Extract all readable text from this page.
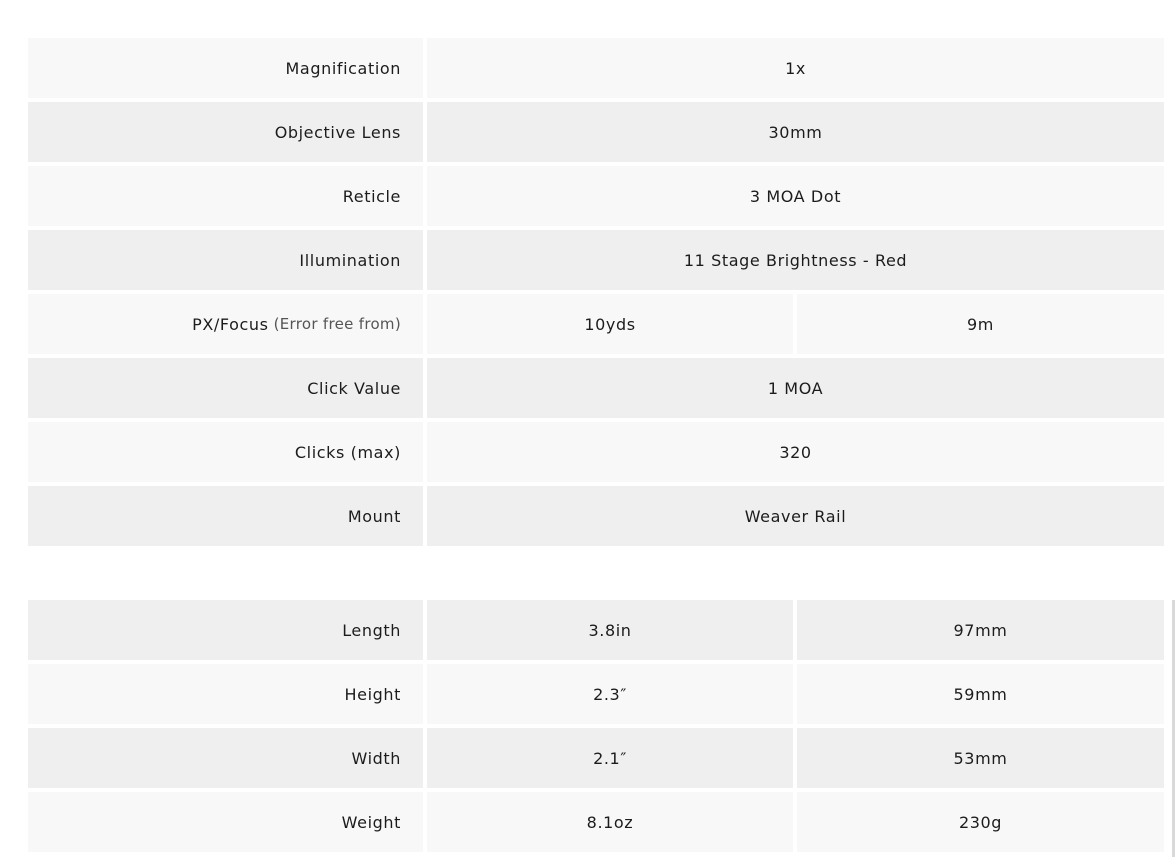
Magnification	1x
Objective Lens	30mm
Reticle	3 MOA Dot
Illumination	11 Stage Brightness - Red
PX/Focus (Error free from)	10yds	9m
Click Value	1 MOA
Clicks (max)	320
Mount	Weaver Rail
Length	3.8in	97mm
Height	2.3″	59mm
Width	2.1″	53mm
Weight	8.1oz	230g
